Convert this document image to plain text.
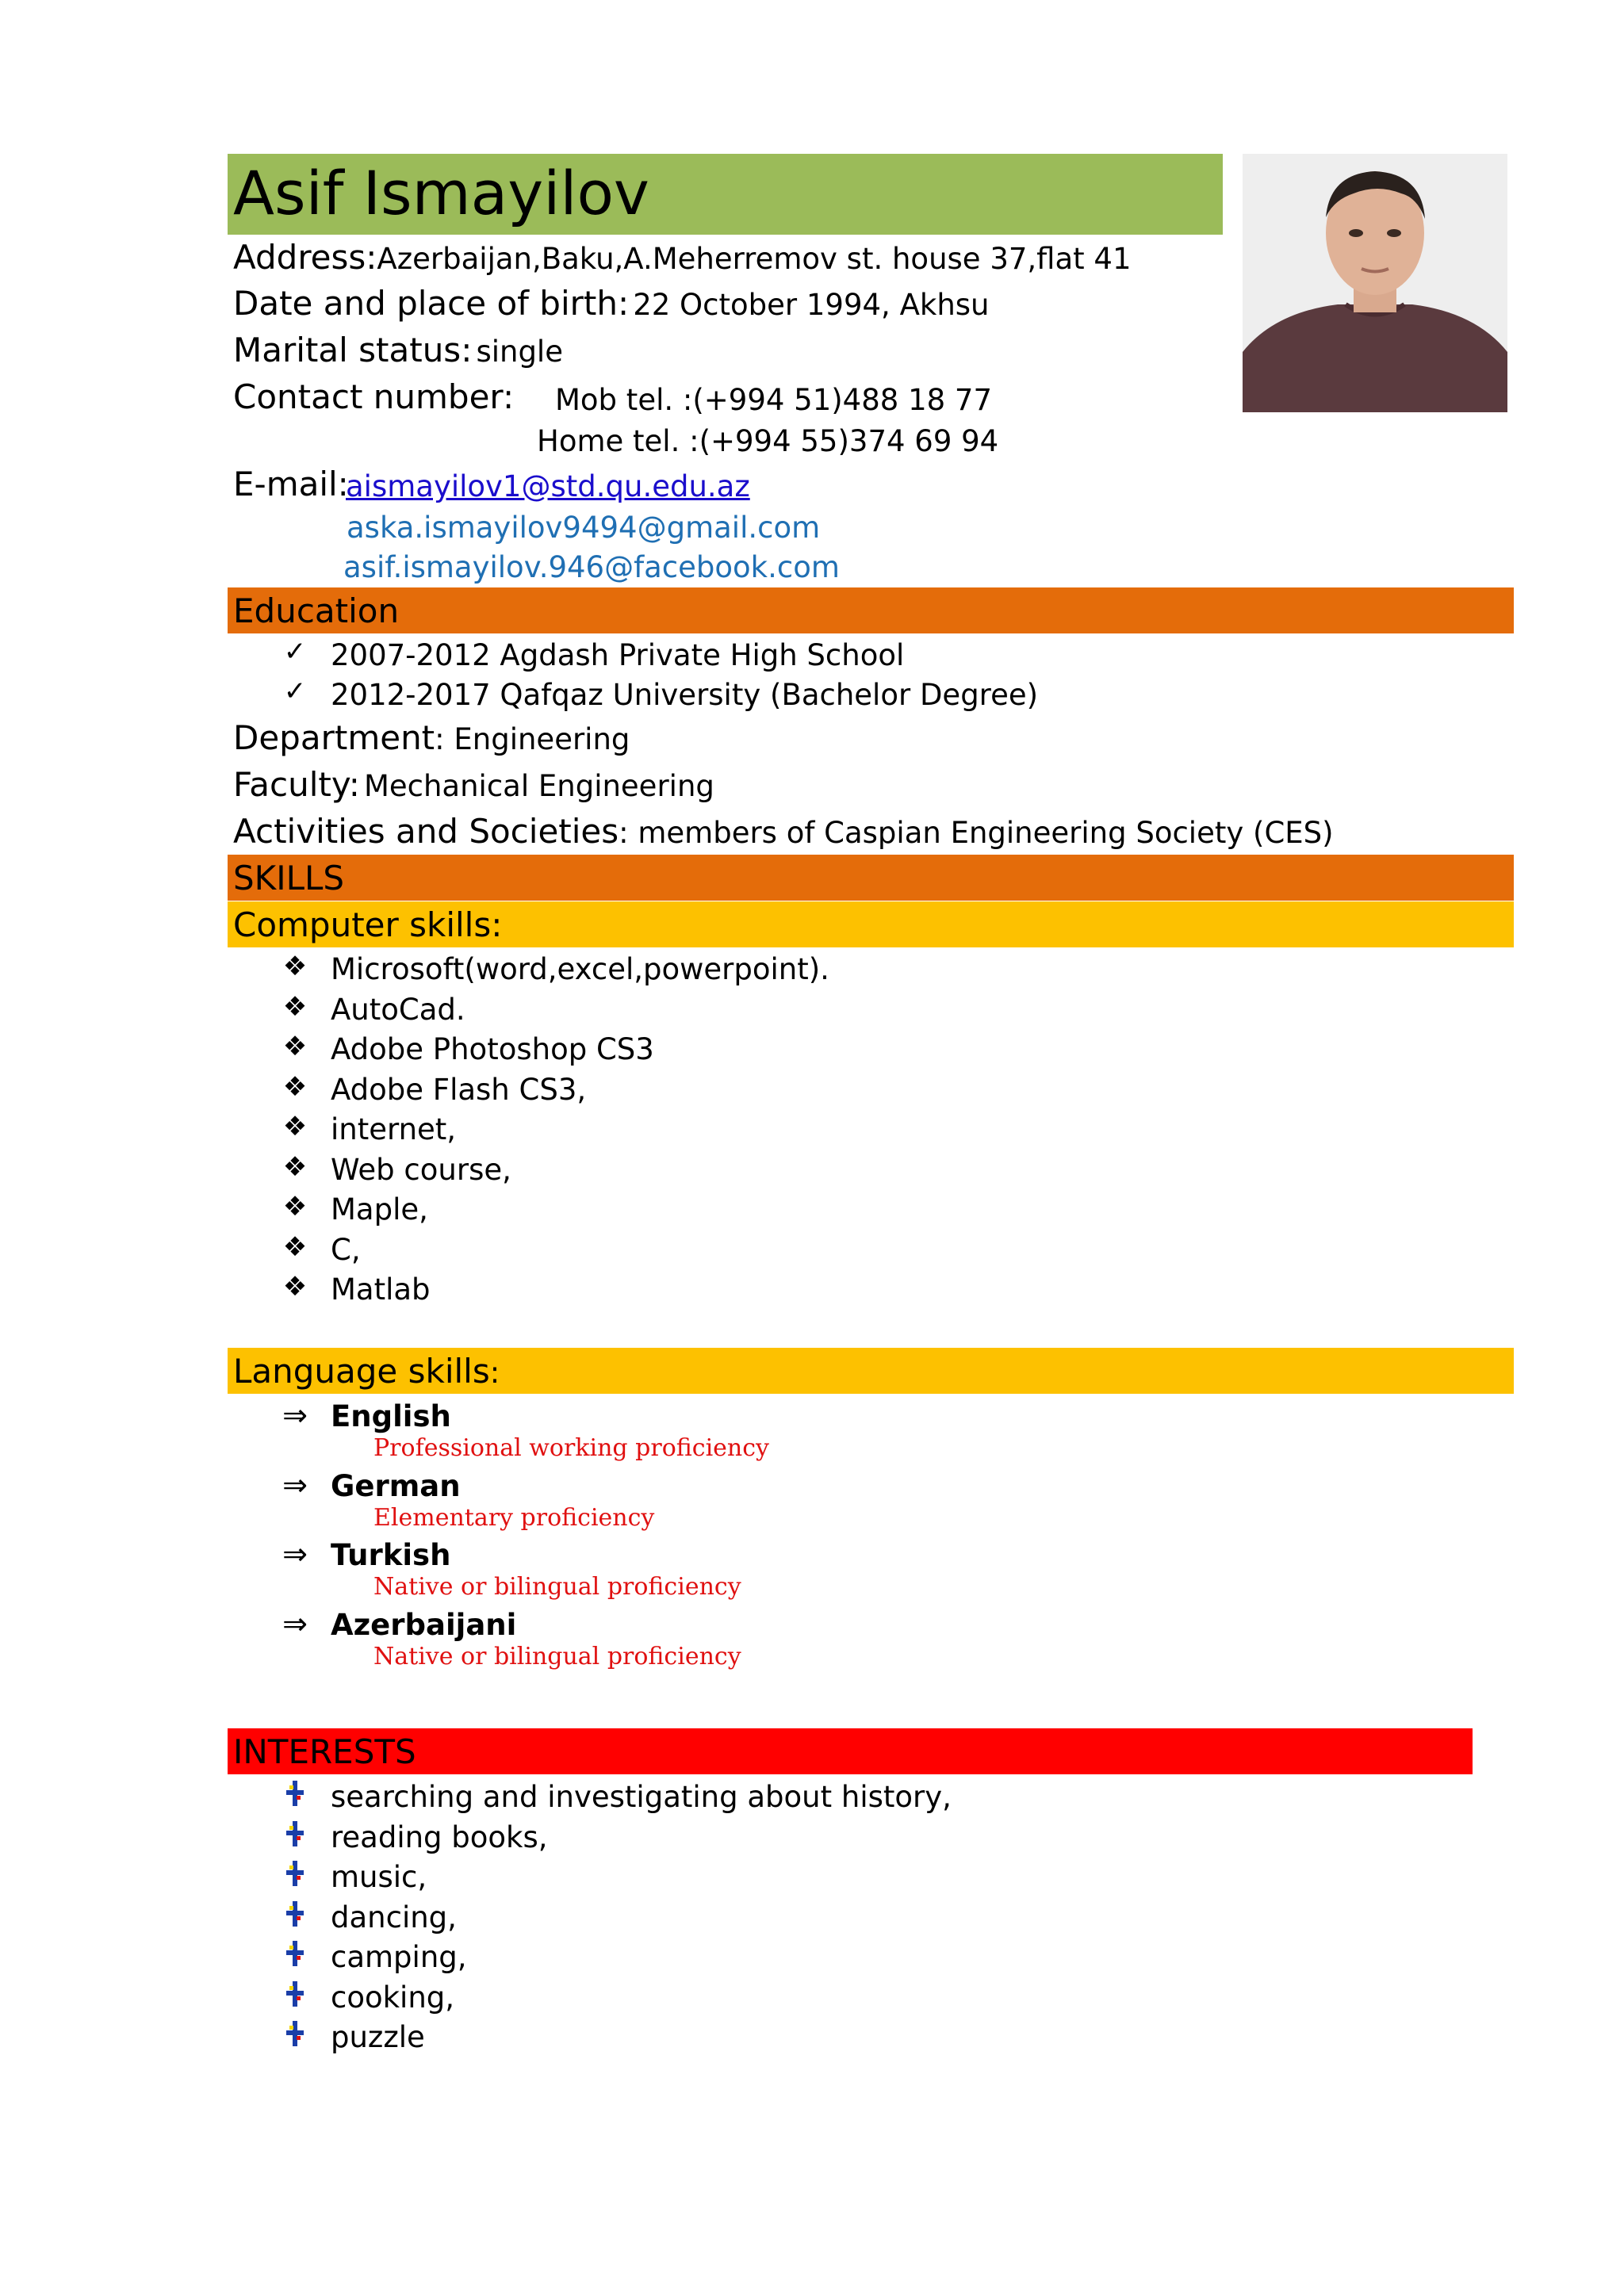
Asif Ismayilov
Address:Azerbaijan,Baku,A.Meherremov st. house 37,flat 41
Date and place of birth: 22 October 1994, Akhsu
Marital status: single
Contact number: Mob tel. :(+994 51)488 18 77
Home tel. :(+994 55)374 69 94
E-mail:
aismayilov1@std.qu.edu.az
aska.ismayilov9494@gmail.com
asif.ismayilov.946@facebook.com
Education
✓ 2007-2012 Agdash Private High School
✓ 2012-2017 Qafqaz University (Bachelor Degree)
Department: Engineering
Faculty: Mechanical Engineering
Activities and Societies: members of Caspian Engineering Society (CES)
SKILLS
Computer skills:
❖ Microsoft(word,excel,powerpoint).
❖ AutoCad.
❖ Adobe Photoshop CS3
❖ Adobe Flash CS3,
❖ internet,
❖ Web course,
❖ Maple,
❖ C,
❖ Matlab
Language skills:
⇒ English
Professional working proficiency
⇒ German
Elementary proficiency
⇒ Turkish
Native or bilingual proficiency
⇒ Azerbaijani
Native or bilingual proficiency
INTERESTS
searching and investigating about history,
reading books,
music,
dancing,
camping,
cooking,
puzzle
